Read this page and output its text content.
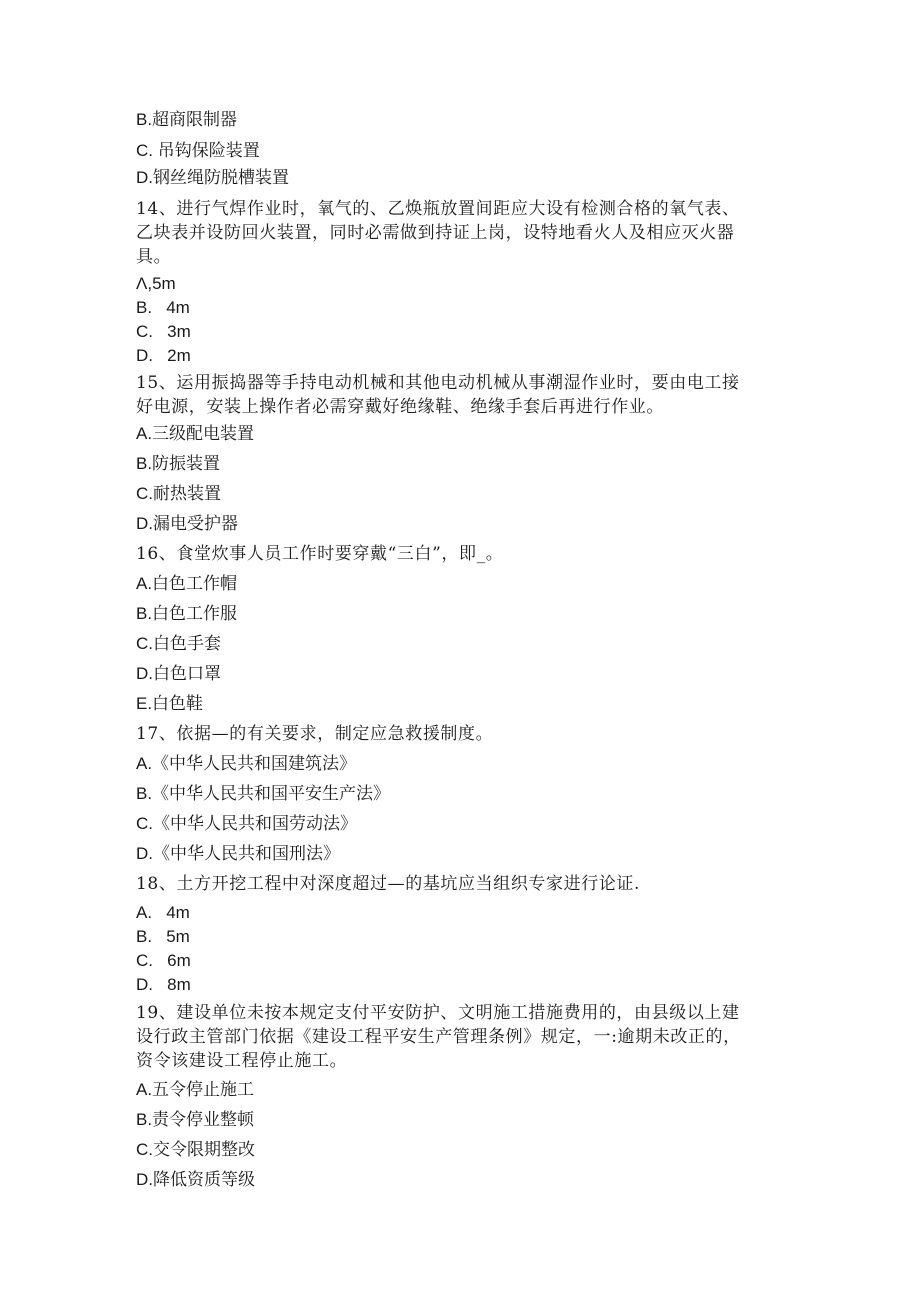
B.超商限制器
C. 吊钩保险装置
D.钢丝绳防脱槽装置
14、进行气焊作业时，氧气的、乙焕瓶放置间距应大设有检测合格的氧气表、
乙块表并设防回火装置，同时必需做到持证上岗，设特地看火人及相应灭火器
具。
Λ,5m
B.   4m
C.   3m
D.   2m
15、运用振捣器等手持电动机械和其他电动机械从事潮湿作业时，要由电工接
好电源，安装上操作者必需穿戴好绝缘鞋、绝缘手套后再进行作业。
A.三级配电装置
B.防振装置
C.耐热装置
D.漏电受护器
16、食堂炊事人员工作时要穿戴“三白”，即_。
A.白色工作帽
B.白色工作服
C.白色手套
D.白色口罩
E.白色鞋
17、依据—的有关要求，制定应急救援制度。
A.《中华人民共和国建筑法》
B.《中华人民共和国平安生产法》
C.《中华人民共和国劳动法》
D.《中华人民共和国刑法》
18、土方开挖工程中对深度超过—的基坑应当组织专家进行论证.
A.   4m
B.   5m
C.   6m
D.   8m
19、建设单位未按本规定支付平安防护、文明施工措施费用的，由县级以上建
设行政主管部门依据《建设工程平安生产管理条例》规定，一:逾期未改正的，
资令该建设工程停止施工。
A.五令停止施工
B.责令停业整顿
C.交令限期整改
D.降低资质等级
